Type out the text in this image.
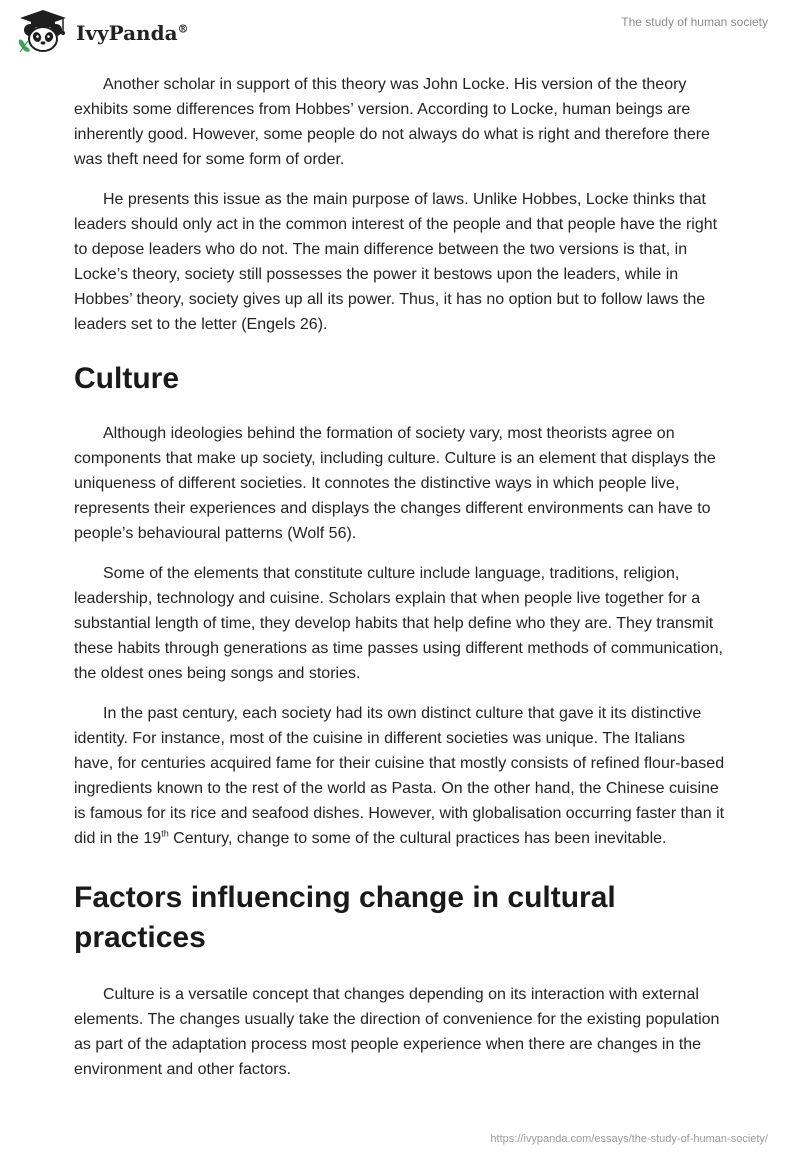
IvyPanda®	The study of human society

Another scholar in support of this theory was John Locke. His version of the theory exhibits some differences from Hobbes’ version. According to Locke, human beings are inherently good. However, some people do not always do what is right and therefore there was theft need for some form of order.

He presents this issue as the main purpose of laws. Unlike Hobbes, Locke thinks that leaders should only act in the common interest of the people and that people have the right to depose leaders who do not. The main difference between the two versions is that, in Locke’s theory, society still possesses the power it bestows upon the leaders, while in Hobbes’ theory, society gives up all its power. Thus, it has no option but to follow laws the leaders set to the letter (Engels 26).

Culture

Although ideologies behind the formation of society vary, most theorists agree on components that make up society, including culture. Culture is an element that displays the uniqueness of different societies. It connotes the distinctive ways in which people live, represents their experiences and displays the changes different environments can have to people’s behavioural patterns (Wolf 56).

Some of the elements that constitute culture include language, traditions, religion, leadership, technology and cuisine. Scholars explain that when people live together for a substantial length of time, they develop habits that help define who they are. They transmit these habits through generations as time passes using different methods of communication, the oldest ones being songs and stories.

In the past century, each society had its own distinct culture that gave it its distinctive identity. For instance, most of the cuisine in different societies was unique. The Italians have, for centuries acquired fame for their cuisine that mostly consists of refined flour-based ingredients known to the rest of the world as Pasta. On the other hand, the Chinese cuisine is famous for its rice and seafood dishes. However, with globalisation occurring faster than it did in the 19th Century, change to some of the cultural practices has been inevitable.

Factors influencing change in cultural practices

Culture is a versatile concept that changes depending on its interaction with external elements. The changes usually take the direction of convenience for the existing population as part of the adaptation process most people experience when there are changes in the environment and other factors.

https://ivypanda.com/essays/the-study-of-human-society/
